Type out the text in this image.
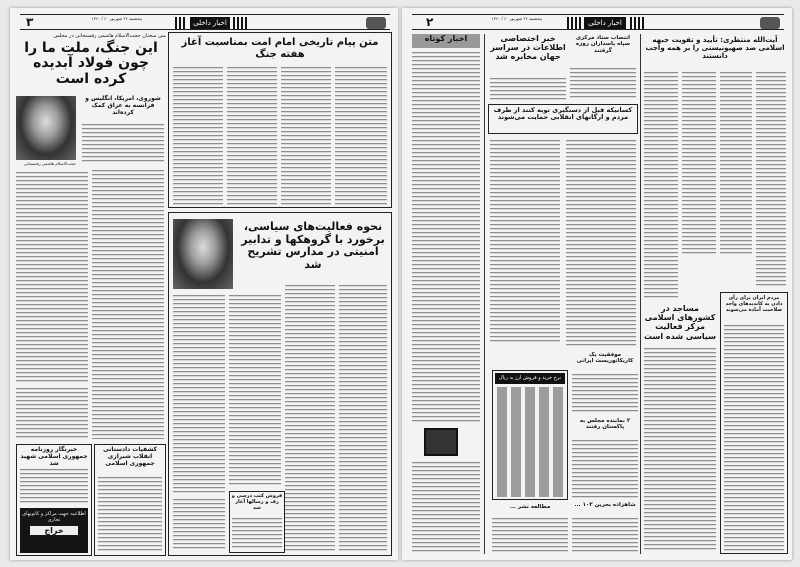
۳	پنجشنبه ۲۶ شهریور ۶۰ / ۱۳۶۰
اخبار داخلی
متن سخنان حجت‌الاسلام هاشمی رفسنجانی در مجلس
این جنگ، ملت ما را چون فولاد آبدیده کرده است
حجت‌الاسلام هاشمی رفسنجانی
شوروی، امریکا، انگلیس و فرانسه به عراق کمک کرده‌اند
خبرنگار روزنامه جمهوری اسلامی شهید شد
اطلاعیه جهت مراکز و کانونهای تجاری
خراج
کشفیات دادستانی انقلاب شیرازی جمهوری اسلامی
متن پیام تاریخی امام امت بمناسبت آغاز هفته جنگ
نحوه فعالیت‌های سیاسی، برخورد با گروهکها و تدابیر امنیتی در مدارس تشریح شد
فروش کتب درسی و رف و رسالها آغاز شد
۲	پنجشنبه ۲۶ شهریور ۶۰ / ۱۳۶۰
اخبار داخلی
اخبار کوتاه	خبر اختصاصی اطلاعات در سراسر جهان مخابره شد
انتصاب ستاد مرکزی سپاه پاسداران روزه گرفتند
کسانیکه قبل از دستگیری توبه کنند از طرف مردم و ارگانهای انقلابی حمایت می‌شوند
نرخ خرید و فروش ارز به ریال
مطالعه نشر ...
موفقیت یک کاریکاتوریست ایرانی
۲ نماینده مجلس به پاکستان رفتند
شاهزاده بحرین ۱۰۳ ...
آیت‌الله منتظری: تأیید و تقویت جبهه اسلامی ضد صهیونیستی را بر همه واجب دانستند
مساجد در کشورهای اسلامی مرکز فعالیت سیاسی شده است
مردم ایران برای رأی دادن به کاندیدهای واجد صلاحیت آماده می‌شوند
